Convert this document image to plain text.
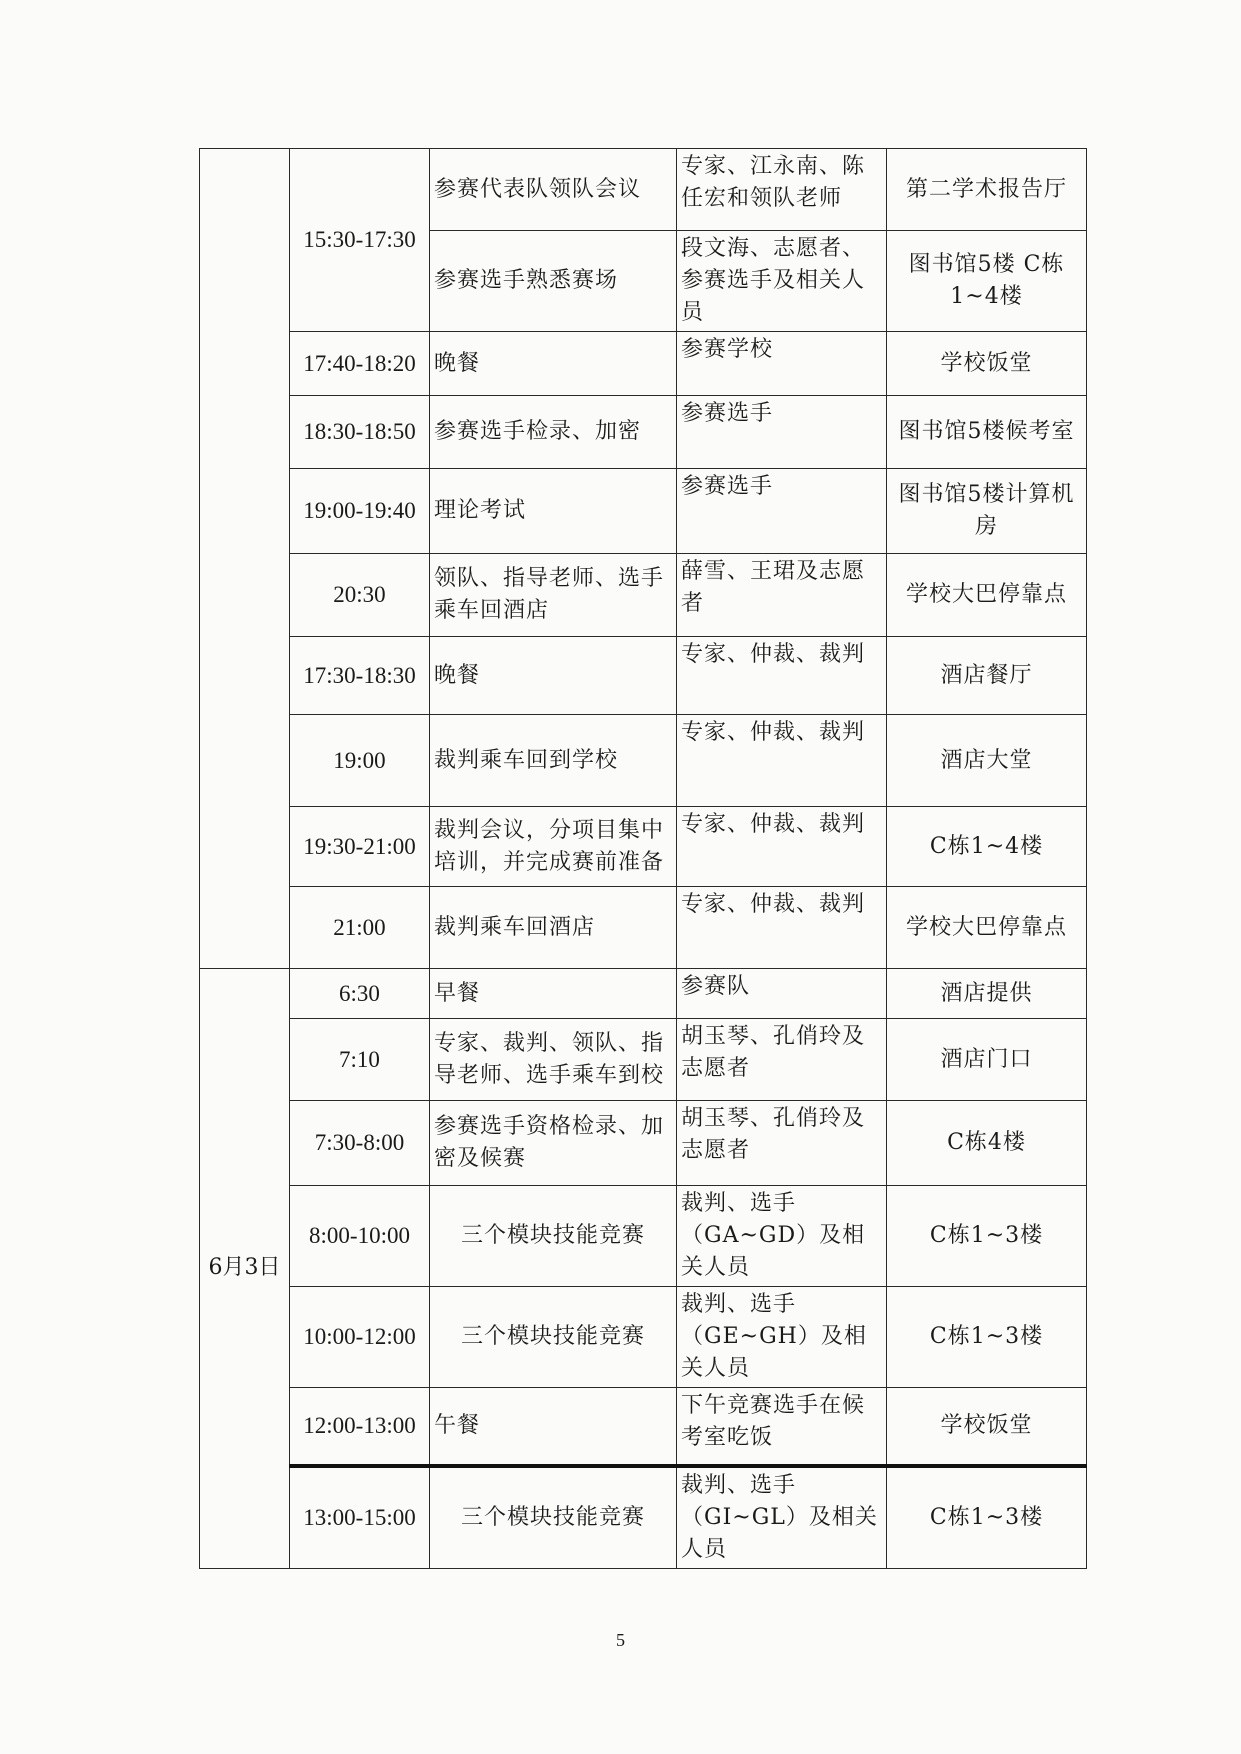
	15:30-17:30	参赛代表队领队会议	专家、江永南、陈任宏和领队老师	第二学术报告厅
		参赛选手熟悉赛场	段文海、志愿者、参赛选手及相关人员	图书馆5楼 C栋1~4楼
	17:40-18:20	晚餐	参赛学校	学校饭堂
	18:30-18:50	参赛选手检录、加密	参赛选手	图书馆5楼候考室
	19:00-19:40	理论考试	参赛选手	图书馆5楼计算机房
	20:30	领队、指导老师、选手乘车回酒店	薛雪、王珺及志愿者	学校大巴停靠点
	17:30-18:30	晚餐	专家、仲裁、裁判	酒店餐厅
	19:00	裁判乘车回到学校	专家、仲裁、裁判	酒店大堂
	19:30-21:00	裁判会议，分项目集中培训，并完成赛前准备	专家、仲裁、裁判	C栋1~4楼
	21:00	裁判乘车回酒店	专家、仲裁、裁判	学校大巴停靠点
6月3日	6:30	早餐	参赛队	酒店提供
	7:10	专家、裁判、领队、指导老师、选手乘车到校	胡玉琴、孔俏玲及志愿者	酒店门口
	7:30-8:00	参赛选手资格检录、加密及候赛	胡玉琴、孔俏玲及志愿者	C栋4楼
	8:00-10:00	三个模块技能竞赛	裁判、选手（GA~GD）及相关人员	C栋1~3楼
	10:00-12:00	三个模块技能竞赛	裁判、选手（GE~GH）及相关人员	C栋1~3楼
	12:00-13:00	午餐	下午竞赛选手在候考室吃饭	学校饭堂
	13:00-15:00	三个模块技能竞赛	裁判、选手（GI~GL）及相关人员	C栋1~3楼
5
